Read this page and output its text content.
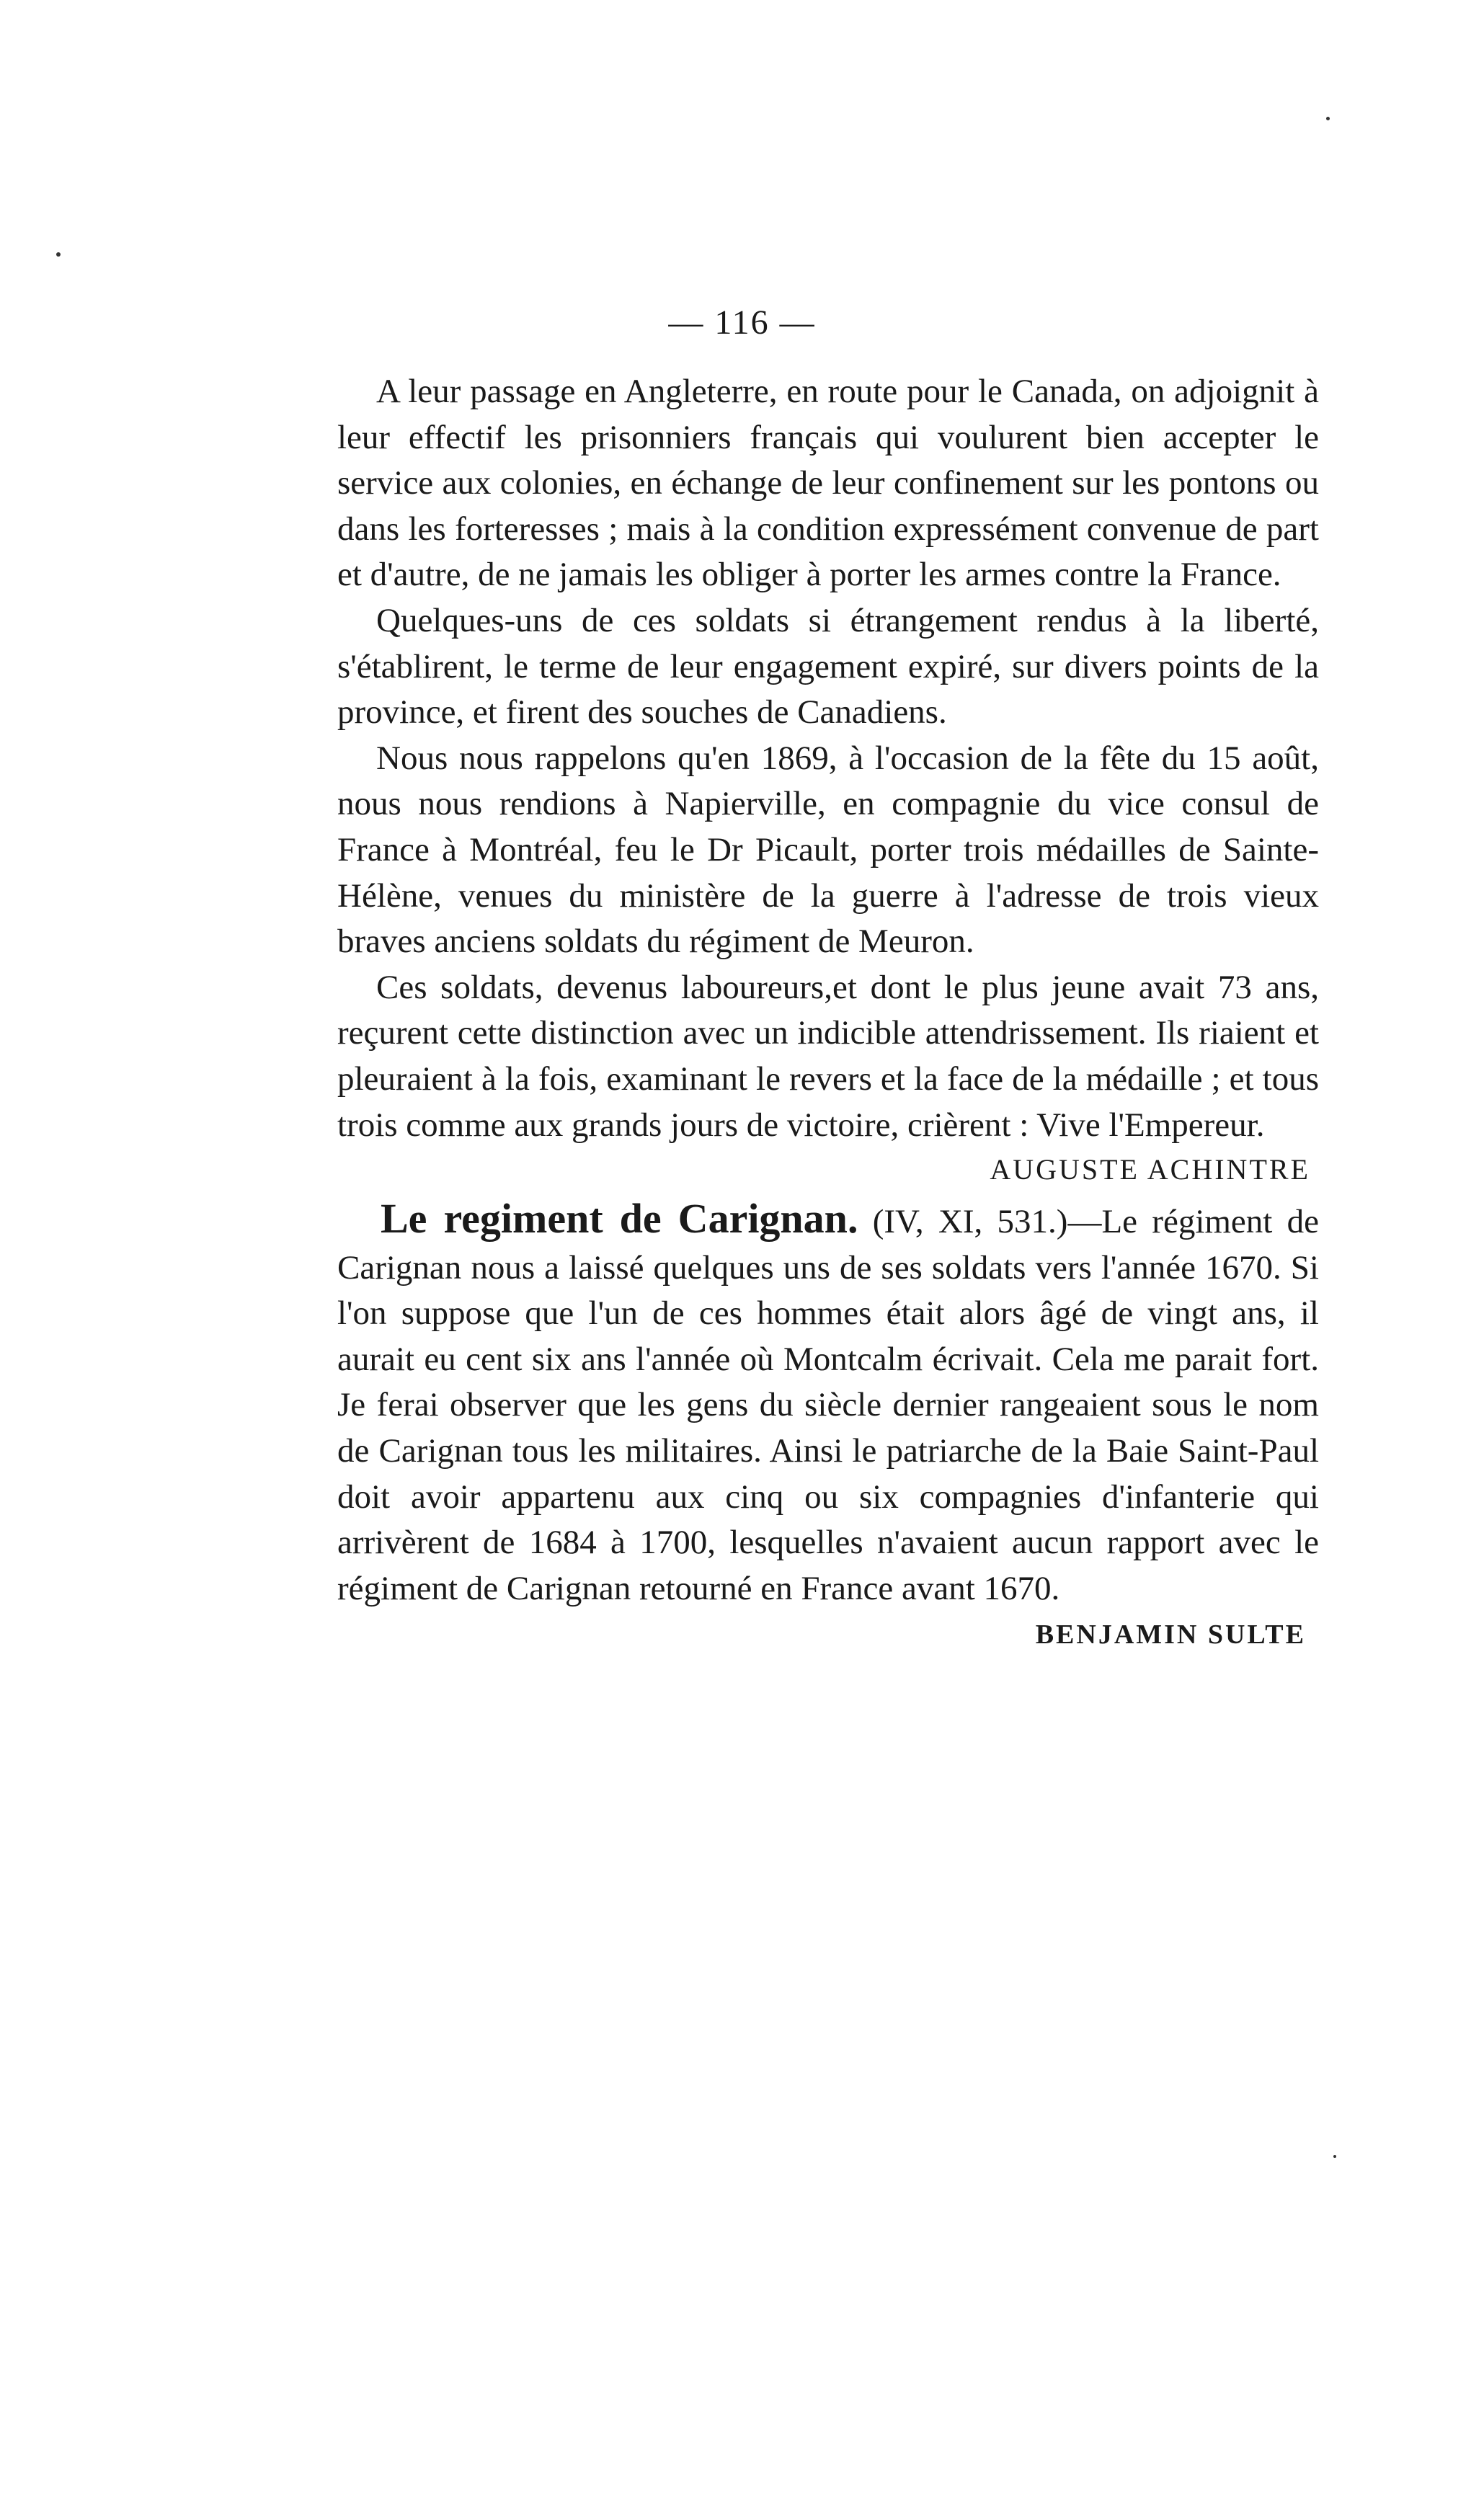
— 116 —

A leur passage en Angleterre, en route pour le Canada, on adjoignit à leur effectif les prisonniers français qui voulurent bien accepter le service aux colonies, en échange de leur confinement sur les pontons ou dans les forteresses ; mais à la condition expressément convenue de part et d'autre, de ne jamais les obliger à porter les armes contre la France.

Quelques-uns de ces soldats si étrangement rendus à la liberté, s'établirent, le terme de leur engagement expiré, sur divers points de la province, et firent des souches de Canadiens.

Nous nous rappelons qu'en 1869, à l'occasion de la fête du 15 août, nous nous rendions à Napierville, en compagnie du vice consul de France à Montréal, feu le Dr Picault, porter trois médailles de Sainte-Hélène, venues du ministère de la guerre à l'adresse de trois vieux braves anciens soldats du régiment de Meuron.

Ces soldats, devenus laboureurs,et dont le plus jeune avait 73 ans, reçurent cette distinction avec un indicible attendrissement. Ils riaient et pleuraient à la fois, examinant le revers et la face de la médaille ; et tous trois comme aux grands jours de victoire, crièrent : Vive l'Empereur.

AUGUSTE ACHINTRE

Le regiment de Carignan. (IV, XI, 531.)—Le régiment de Carignan nous a laissé quelques uns de ses soldats vers l'année 1670. Si l'on suppose que l'un de ces hommes était alors âgé de vingt ans, il aurait eu cent six ans l'année où Montcalm écrivait. Cela me parait fort. Je ferai observer que les gens du siècle dernier rangeaient sous le nom de Carignan tous les militaires. Ainsi le patriarche de la Baie Saint-Paul doit avoir appartenu aux cinq ou six compagnies d'infanterie qui arrivèrent de 1684 à 1700, lesquelles n'avaient aucun rapport avec le régiment de Carignan retourné en France avant 1670.

BENJAMIN SULTE
